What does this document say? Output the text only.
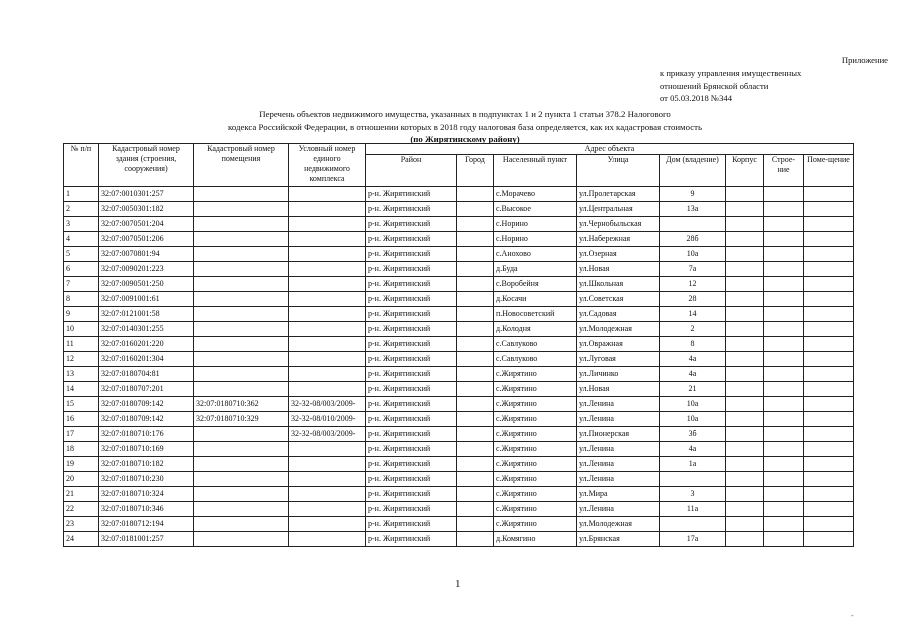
Приложение
к приказу управления имущественных
отношений Брянской области
от 05.03.2018 №344
Перечень объектов недвижимого имущества, указанных в подпунктах 1 и 2 пункта 1 статьи 378.2 Налогового
кодекса Российской Федерации, в отношении которых в 2018 году налоговая база определяется, как их кадастровая стоимость
(по Жирятинскому району)
№ п/п	Кадастровый номер здания (строения, сооружения)	Кадастровый номер помещения	Условный номер единого недвижимого комплекса	Адрес объекта							
				Район	Город	Населенный пункт	Улица	Дом (владение)	Корпус	Строе-ние	Поме-щение
1	32:07:0010301:257			р-н. Жирятинский		с.Морачево	ул.Пролетарская	9			
2	32:07:0050301:182			р-н. Жирятинский		с.Высокое	ул.Центральная	13а			
3	32:07:0070501:204			р-н. Жирятинский		с.Норино	ул.Чернобыльская				
4	32:07:0070501:206			р-н. Жирятинский		с.Норино	ул.Набережная	28б			
5	32:07:0070801:94			р-н. Жирятинский		с.Анохово	ул.Озерная	10а			
6	32:07:0090201:223			р-н. Жирятинский		д.Буда	ул.Новая	7а			
7	32:07:0090501:250			р-н. Жирятинский		с.Воробейня	ул.Школьная	12			
8	32:07:0091001:61			р-н. Жирятинский		д.Косачи	ул.Советская	28			
9	32:07:0121001:58			р-н. Жирятинский		п.Новосоветский	ул.Садовая	14			
10	32:07:0140301:255			р-н. Жирятинский		д.Колодня	ул.Молодежная	2			
11	32:07:0160201:220			р-н. Жирятинский		с.Савлуково	ул.Овражная	8			
12	32:07:0160201:304			р-н. Жирятинский		с.Савлуково	ул.Луговая	4а			
13	32:07:0180704:81			р-н. Жирятинский		с.Жирятино	ул.Личинко	4а			
14	32:07:0180707:201			р-н. Жирятинский		с.Жирятино	ул.Новая	21			
15	32:07:0180709:142	32:07:0180710:362	32-32-08/003/2009-	р-н. Жирятинский		с.Жирятино	ул.Ленина	10а			
16	32:07:0180709:142	32:07:0180710:329	32-32-08/010/2009-	р-н. Жирятинский		с.Жирятино	ул.Ленина	10а			
17	32:07:0180710:176		32-32-08/003/2009-	р-н. Жирятинский		с.Жирятино	ул.Пионерская	3б			
18	32:07:0180710:169			р-н. Жирятинский		с.Жирятино	ул.Ленина	4а			
19	32:07:0180710:182			р-н. Жирятинский		с.Жирятино	ул.Ленина	1а			
20	32:07:0180710:230			р-н. Жирятинский		с.Жирятино	ул.Ленина				
21	32:07:0180710:324			р-н. Жирятинский		с.Жирятино	ул.Мира	3			
22	32:07:0180710:346			р-н. Жирятинский		с.Жирятино	ул.Ленина	11а			
23	32:07:0180712:194			р-н. Жирятинский		с.Жирятино	ул.Молодежная				
24	32:07:0181001:257			р-н. Жирятинский		д.Комягино	ул.Брянская	17а			
1
-
